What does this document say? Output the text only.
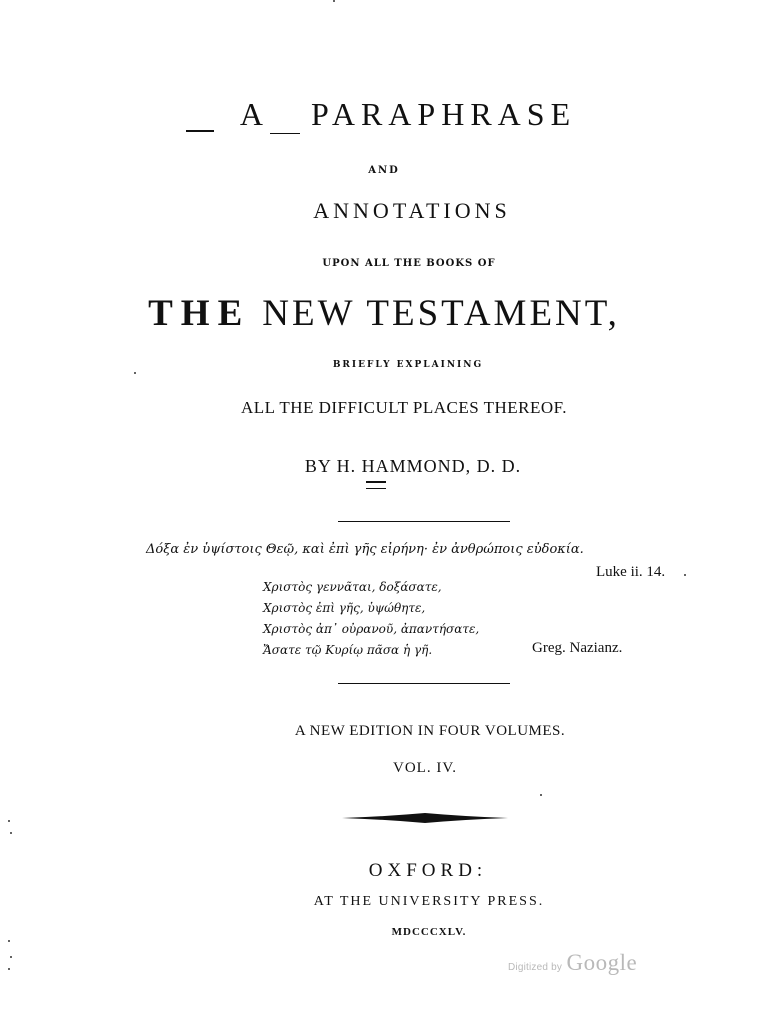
A PARAPHRASE
AND
ANNOTATIONS
UPON ALL THE BOOKS OF
THE NEW TESTAMENT,
BRIEFLY EXPLAINING
ALL THE DIFFICULT PLACES THEREOF.
BY H. HAMMOND, D. D.
Δόξα ἐν ὑψίστοις Θεῷ, καὶ ἐπὶ γῆς εἰρήνη· ἐν ἀνθρώποις εὐδοκία.
Luke ii. 14.
Χριστὸς γεννᾶται, δοξάσατε,
Χριστὸς ἐπὶ γῆς, ὑψώθητε,
Χριστὸς ἀπ᾽ οὐρανοῦ, ἀπαντήσατε,
Ἄσατε τῷ Κυρίῳ πᾶσα ἡ γῆ.	Greg. Nazianz.
A NEW EDITION IN FOUR VOLUMES.
VOL. IV.
OXFORD:
AT THE UNIVERSITY PRESS.
MDCCCXLV.
Digitized by Google
